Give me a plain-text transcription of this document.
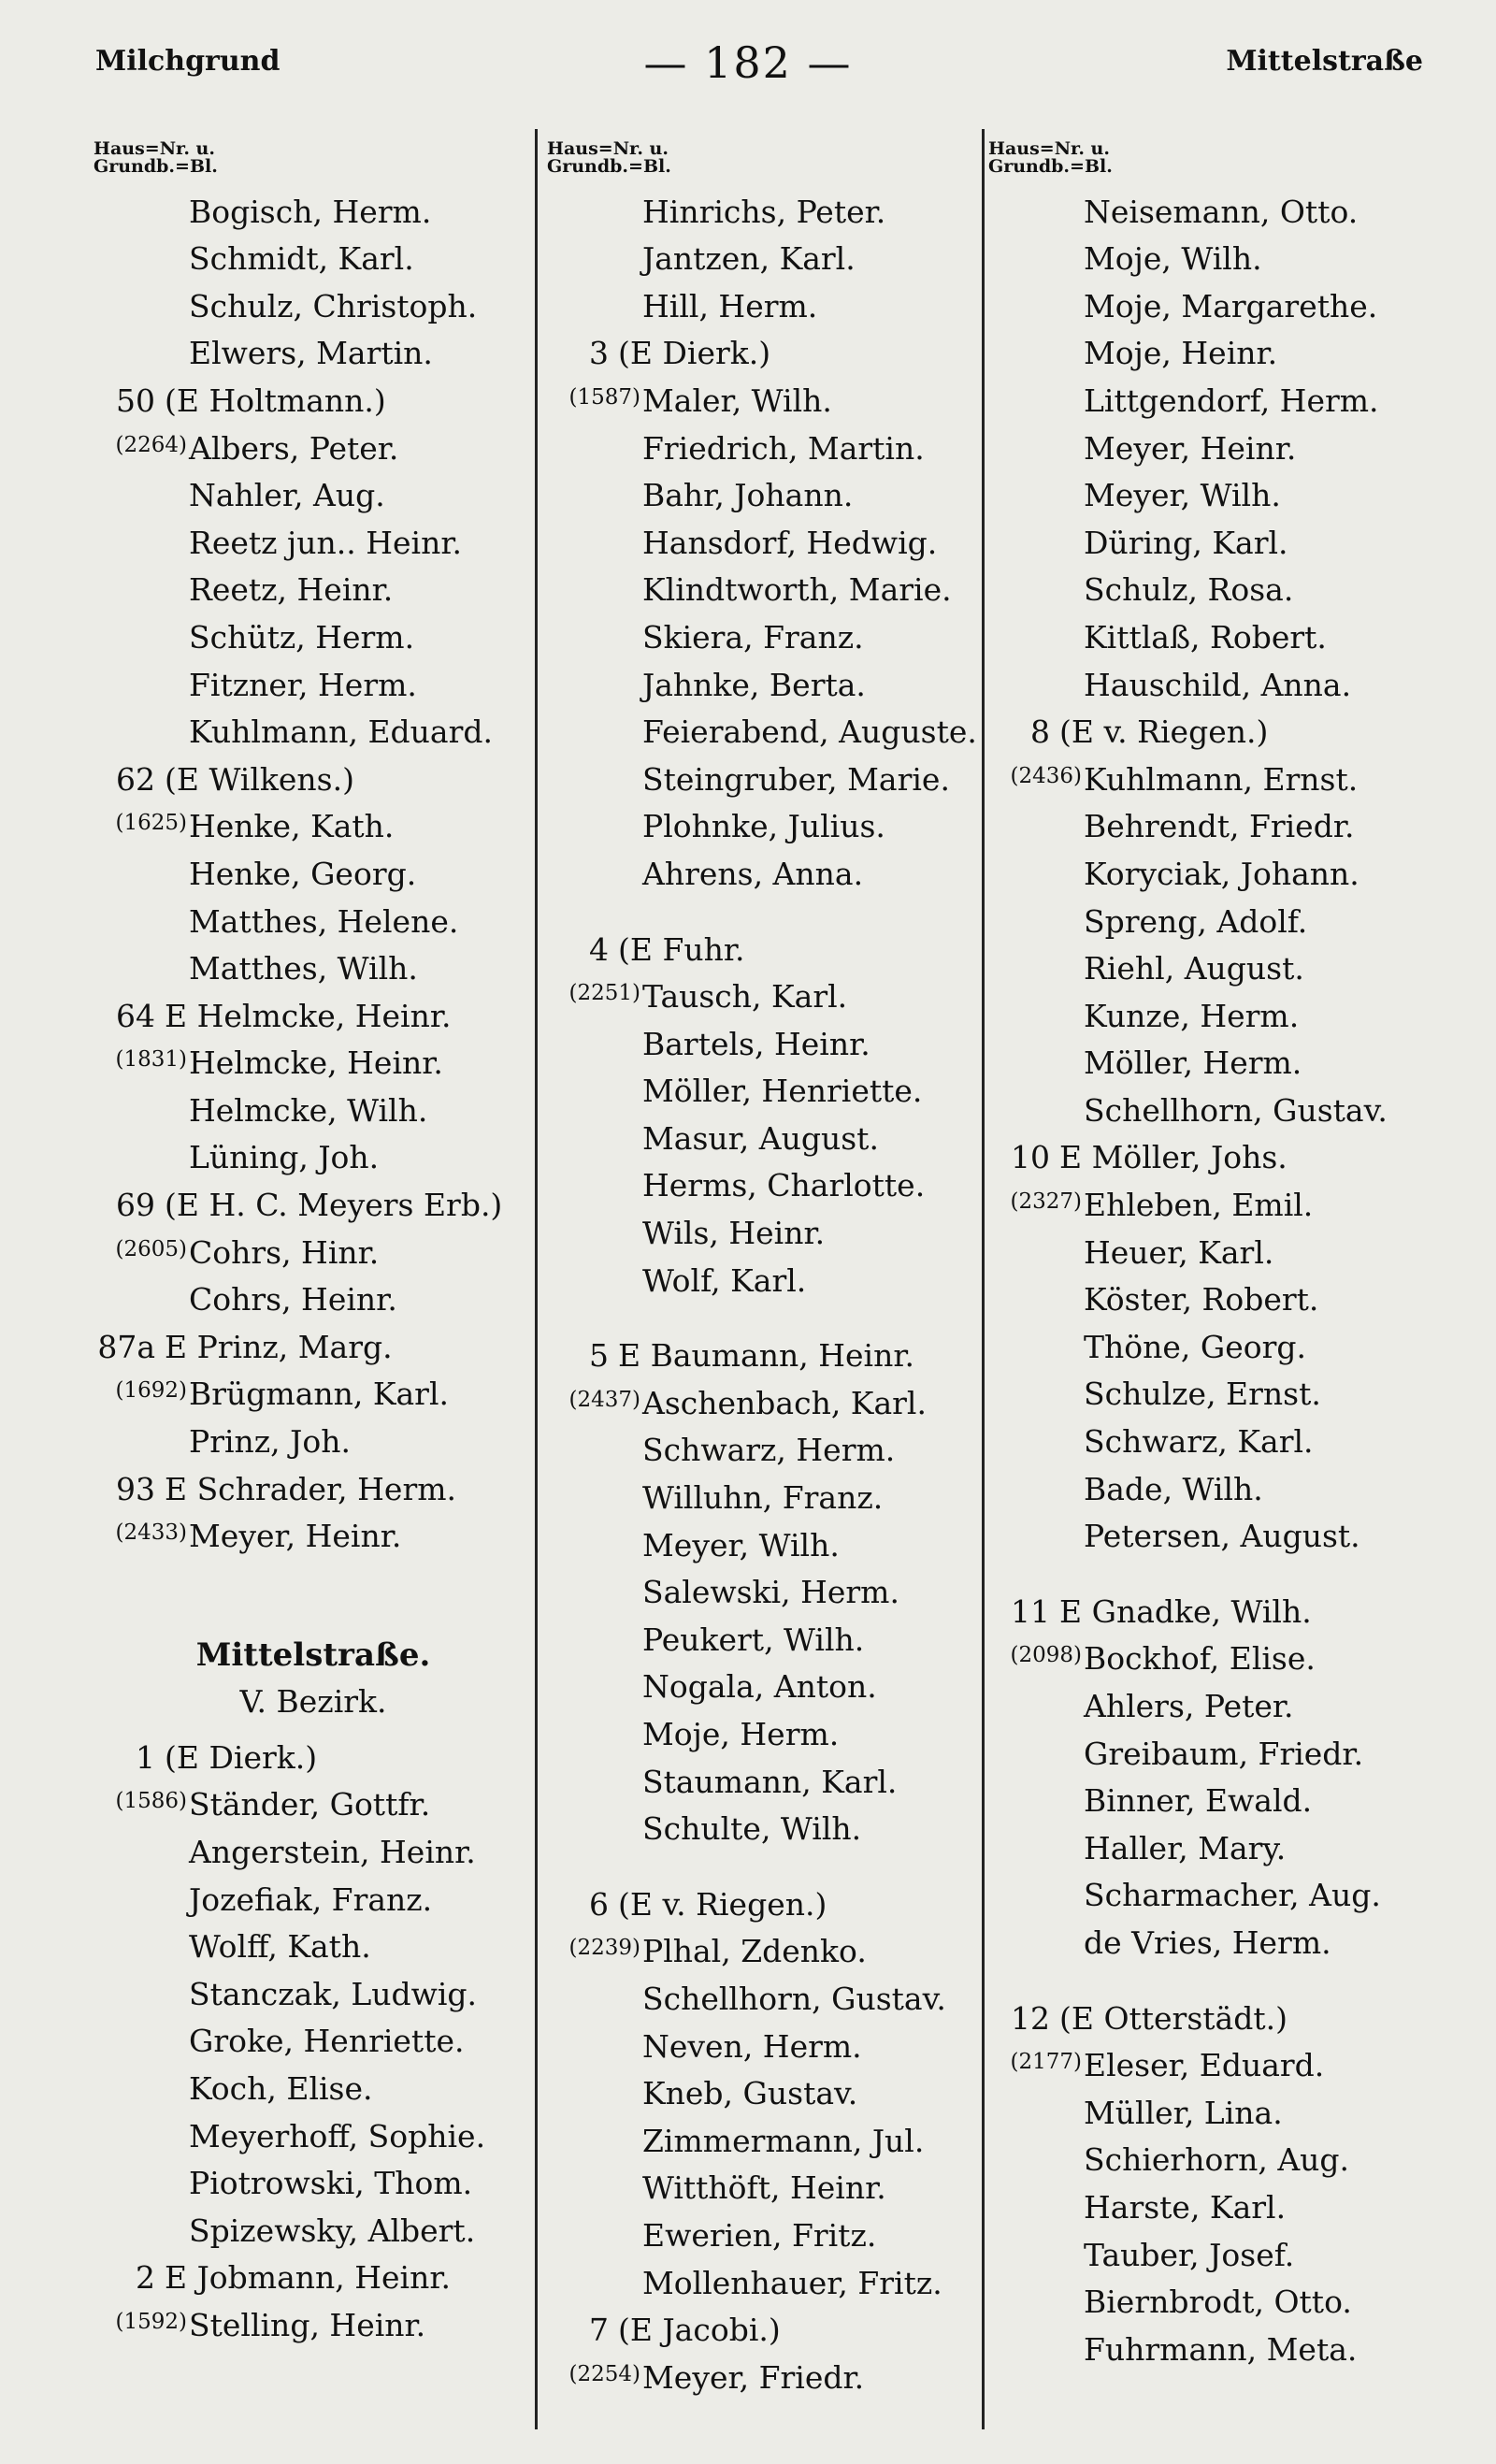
Milchgrund	— 182 —	Mittelstraße
Haus=Nr. u.
Grundb.=Bl.
Bogisch, Herm.
Schmidt, Karl.
Schulz, Christoph.
Elwers, Martin.
50 (E Holtmann.)
(2264) Albers, Peter.
Nahler, Aug.
Reetz jun.. Heinr.
Reetz, Heinr.
Schütz, Herm.
Fitzner, Herm.
Kuhlmann, Eduard.
62 (E Wilkens.)
(1625) Henke, Kath.
Henke, Georg.
Matthes, Helene.
Matthes, Wilh.
64 E Helmcke, Heinr.
(1831) Helmcke, Heinr.
Helmcke, Wilh.
Lüning, Joh.
69 (E H. C. Meyers Erb.)
(2605) Cohrs, Hinr.
Cohrs, Heinr.
87a E Prinz, Marg.
(1692) Brügmann, Karl.
Prinz, Joh.
93 E Schrader, Herm.
(2433) Meyer, Heinr.
Mittelstraße.
V. Bezirk.
1 (E Dierk.)
(1586) Ständer, Gottfr.
Angerstein, Heinr.
Jozefiak, Franz.
Wolff, Kath.
Stanczak, Ludwig.
Groke, Henriette.
Koch, Elise.
Meyerhoff, Sophie.
Piotrowski, Thom.
Spizewsky, Albert.
2 E Jobmann, Heinr.
(1592) Stelling, Heinr.
Haus=Nr. u.
Grundb.=Bl.
Hinrichs, Peter.
Jantzen, Karl.
Hill, Herm.
3 (E Dierk.)
(1587) Maler, Wilh.
Friedrich, Martin.
Bahr, Johann.
Hansdorf, Hedwig.
Klindtworth, Marie.
Skiera, Franz.
Jahnke, Berta.
Feierabend, Auguste.
Steingruber, Marie.
Plohnke, Julius.
Ahrens, Anna.
4 (E Fuhr.
(2251) Tausch, Karl.
Bartels, Heinr.
Möller, Henriette.
Masur, August.
Herms, Charlotte.
Wils, Heinr.
Wolf, Karl.
5 E Baumann, Heinr.
(2437) Aschenbach, Karl.
Schwarz, Herm.
Willuhn, Franz.
Meyer, Wilh.
Salewski, Herm.
Peukert, Wilh.
Nogala, Anton.
Moje, Herm.
Staumann, Karl.
Schulte, Wilh.
6 (E v. Riegen.)
(2239) Plhal, Zdenko.
Schellhorn, Gustav.
Neven, Herm.
Kneb, Gustav.
Zimmermann, Jul.
Witthöft, Heinr.
Ewerien, Fritz.
Mollenhauer, Fritz.
7 (E Jacobi.)
(2254) Meyer, Friedr.
Haus=Nr. u.
Grundb.=Bl.
Neisemann, Otto.
Moje, Wilh.
Moje, Margarethe.
Moje, Heinr.
Littgendorf, Herm.
Meyer, Heinr.
Meyer, Wilh.
Düring, Karl.
Schulz, Rosa.
Kittlaß, Robert.
Hauschild, Anna.
8 (E v. Riegen.)
(2436) Kuhlmann, Ernst.
Behrendt, Friedr.
Koryciak, Johann.
Spreng, Adolf.
Riehl, August.
Kunze, Herm.
Möller, Herm.
Schellhorn, Gustav.
10 E Möller, Johs.
(2327) Ehleben, Emil.
Heuer, Karl.
Köster, Robert.
Thöne, Georg.
Schulze, Ernst.
Schwarz, Karl.
Bade, Wilh.
Petersen, August.
11 E Gnadke, Wilh.
(2098) Bockhof, Elise.
Ahlers, Peter.
Greibaum, Friedr.
Binner, Ewald.
Haller, Mary.
Scharmacher, Aug.
de Vries, Herm.
12 (E Otterstädt.)
(2177) Eleser, Eduard.
Müller, Lina.
Schierhorn, Aug.
Harste, Karl.
Tauber, Josef.
Biernbrodt, Otto.
Fuhrmann, Meta.
